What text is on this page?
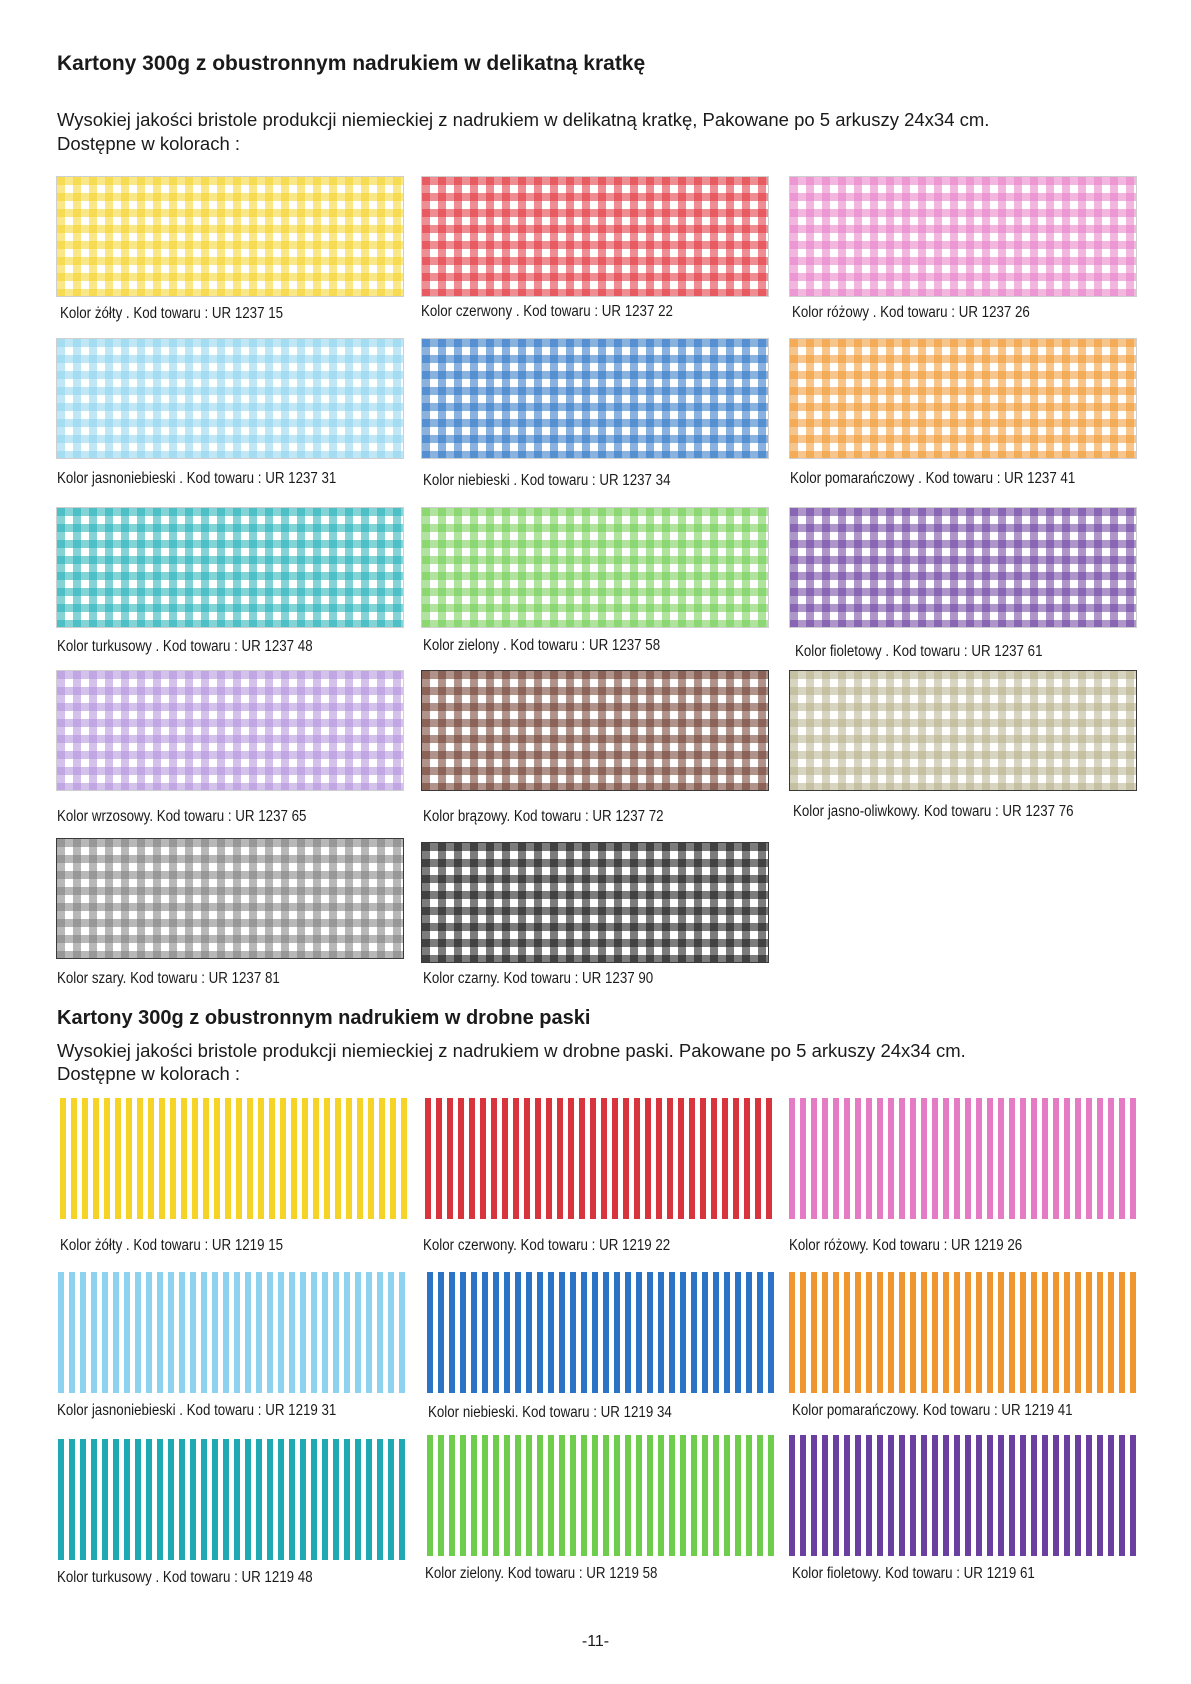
Kartony 300g z obustronnym nadrukiem w delikatną kratkę

Wysokiej jakości bristole produkcji niemieckiej z nadrukiem w delikatną kratkę, Pakowane po 5 arkuszy 24x34 cm.

Dostępne w kolorach :

Kolor żółty . Kod towaru : UR 1237 15	Kolor czerwony . Kod towaru : UR 1237 22	Kolor różowy . Kod towaru : UR 1237 26
Kolor jasnoniebieski . Kod towaru : UR 1237 31	Kolor niebieski . Kod towaru : UR 1237 34	Kolor pomarańczowy . Kod towaru : UR 1237 41
Kolor turkusowy . Kod towaru : UR 1237 48	Kolor zielony . Kod towaru : UR 1237 58	Kolor fioletowy . Kod towaru : UR 1237 61
Kolor wrzosowy. Kod towaru : UR 1237 65	Kolor brązowy. Kod towaru : UR 1237 72	Kolor jasno-oliwkowy. Kod towaru : UR 1237 76
Kolor szary. Kod towaru : UR 1237 81	Kolor czarny. Kod towaru : UR 1237 90
Kartony 300g z obustronnym nadrukiem w drobne paski

Wysokiej jakości bristole produkcji niemieckiej z nadrukiem w drobne paski. Pakowane po 5 arkuszy 24x34 cm.

Dostępne w kolorach :

Kolor żółty . Kod towaru : UR 1219 15	Kolor czerwony. Kod towaru : UR 1219 22	Kolor różowy. Kod towaru : UR 1219 26
Kolor jasnoniebieski . Kod towaru : UR 1219 31	Kolor niebieski. Kod towaru : UR 1219 34	Kolor pomarańczowy. Kod towaru : UR 1219 41
Kolor turkusowy . Kod towaru : UR 1219 48	Kolor zielony. Kod towaru : UR 1219 58	Kolor fioletowy. Kod towaru : UR 1219 61
-11-
